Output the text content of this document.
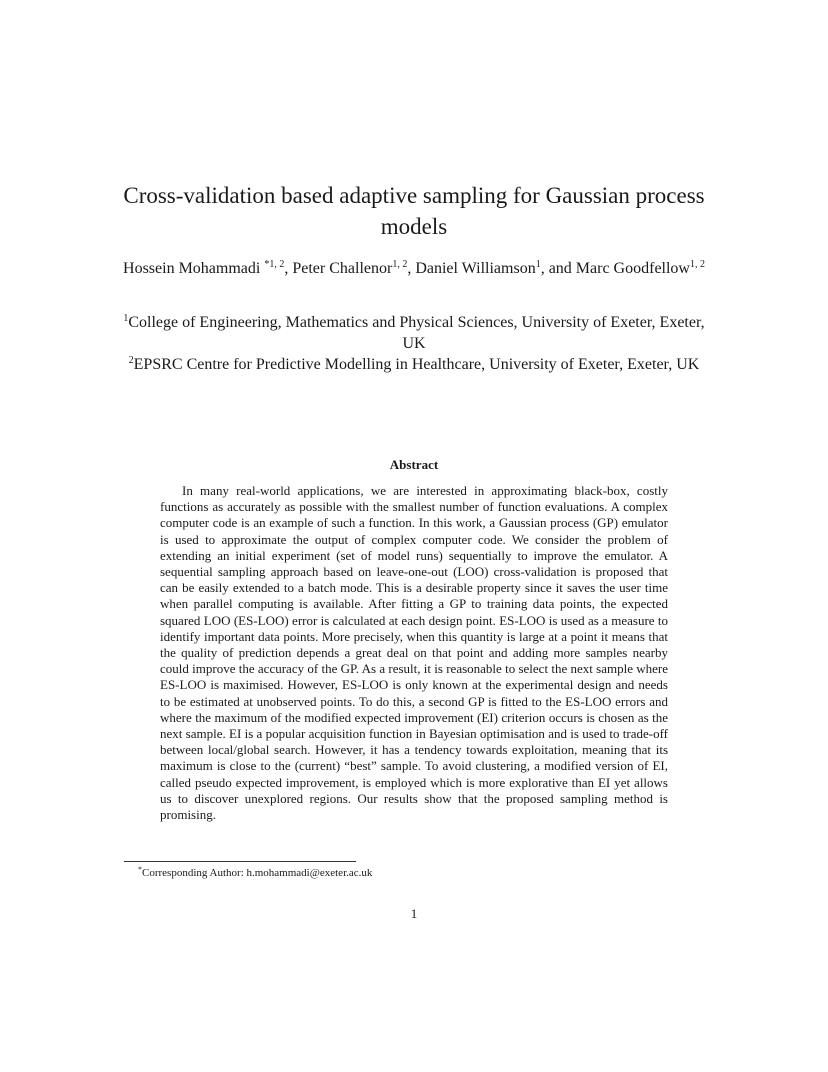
Cross-validation based adaptive sampling for Gaussian process models
Hossein Mohammadi $^{*1, 2}$, Peter Challenor$^{1, 2}$, Daniel Williamson$^1$, and Marc Goodfellow$^{1, 2}$
$^1$College of Engineering, Mathematics and Physical Sciences, University of Exeter, Exeter, UK
$^2$EPSRC Centre for Predictive Modelling in Healthcare, University of Exeter, Exeter, UK
Abstract

In many real-world applications, we are interested in approximating black-box, costly functions as accurately as possible with the smallest number of function evaluations. A complex computer code is an example of such a function. In this work, a Gaussian process (GP) emulator is used to approximate the output of complex computer code. We consider the problem of extending an initial experiment (set of model runs) sequentially to improve the emulator. A sequential sampling approach based on leave-one-out (LOO) cross-validation is proposed that can be easily extended to a batch mode. This is a desirable property since it saves the user time when parallel computing is available. After fitting a GP to training data points, the expected squared LOO (ES-LOO) error is calculated at each design point. ES-LOO is used as a measure to identify important data points. More precisely, when this quantity is large at a point it means that the quality of prediction depends a great deal on that point and adding more samples nearby could improve the accuracy of the GP. As a result, it is reasonable to select the next sample where ES-LOO is maximised. However, ES-LOO is only known at the experimental design and needs to be estimated at unobserved points. To do this, a second GP is fitted to the ES-LOO errors and where the maximum of the modified expected improvement (EI) criterion occurs is chosen as the next sample. EI is a popular acquisition function in Bayesian optimisation and is used to trade-off between local/global search. However, it has a tendency towards exploitation, meaning that its maximum is close to the (current) “best” sample. To avoid clustering, a modified version of EI, called pseudo expected improvement, is employed which is more explorative than EI yet allows us to discover unexplored regions. Our results show that the proposed sampling method is promising.

*Corresponding Author: h.mohammadi@exeter.ac.uk
1
